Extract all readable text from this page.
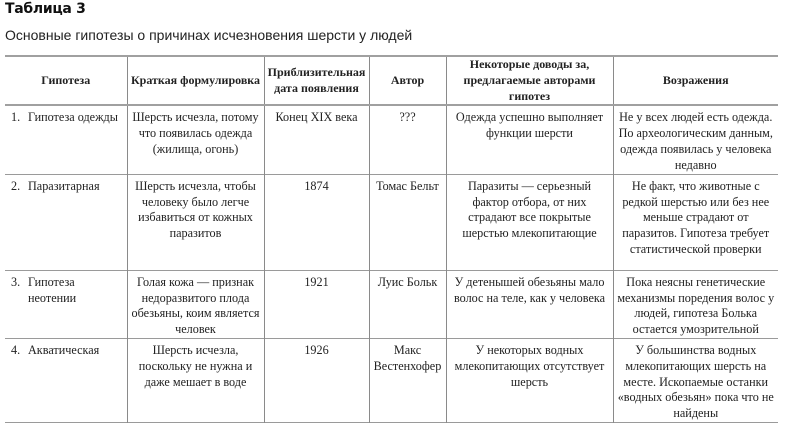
Таблица 3
Основные гипотезы о причинах исчезновения шерсти у людей
Гипотеза	Краткая формулировка	Приблизительная дата появления	Автор	Некоторые доводы за, предлагаемые авторами гипотез	Возражения
1. Гипотеза одежды	Шерсть исчезла, потому что появилась одежда (жилища, огонь)	Конец XIX века	???	Одежда успешно выполняет функции шерсти	Не у всех людей есть одежда. По археологическим данным, одежда появилась у человека недавно
2. Паразитарная	Шерсть исчезла, чтобы человеку было легче избавиться от кожных паразитов	1874	Томас Бельт	Паразиты — серьезный фактор отбора, от них страдают все покрытые шерстью млекопитающие	Не факт, что животные с редкой шерстью или без нее меньше страдают от паразитов. Гипотеза требует статистической проверки
3. Гипотеза неотении	Голая кожа — признак недоразвитого плода обезьяны, коим является человек	1921	Луис Больк	У детенышей обезьяны мало волос на теле, как у человека	Пока неясны генетические механизмы поредения волос у людей, гипотеза Болька остается умозрительной
4. Акватическая	Шерсть исчезла, поскольку не нужна и даже мешает в воде	1926	Макс Вестенхофер	У некоторых водных млекопитающих отсутствует шерсть	У большинства водных млекопитающих шерсть на месте. Ископаемые останки «водных обезьян» пока что не найдены
